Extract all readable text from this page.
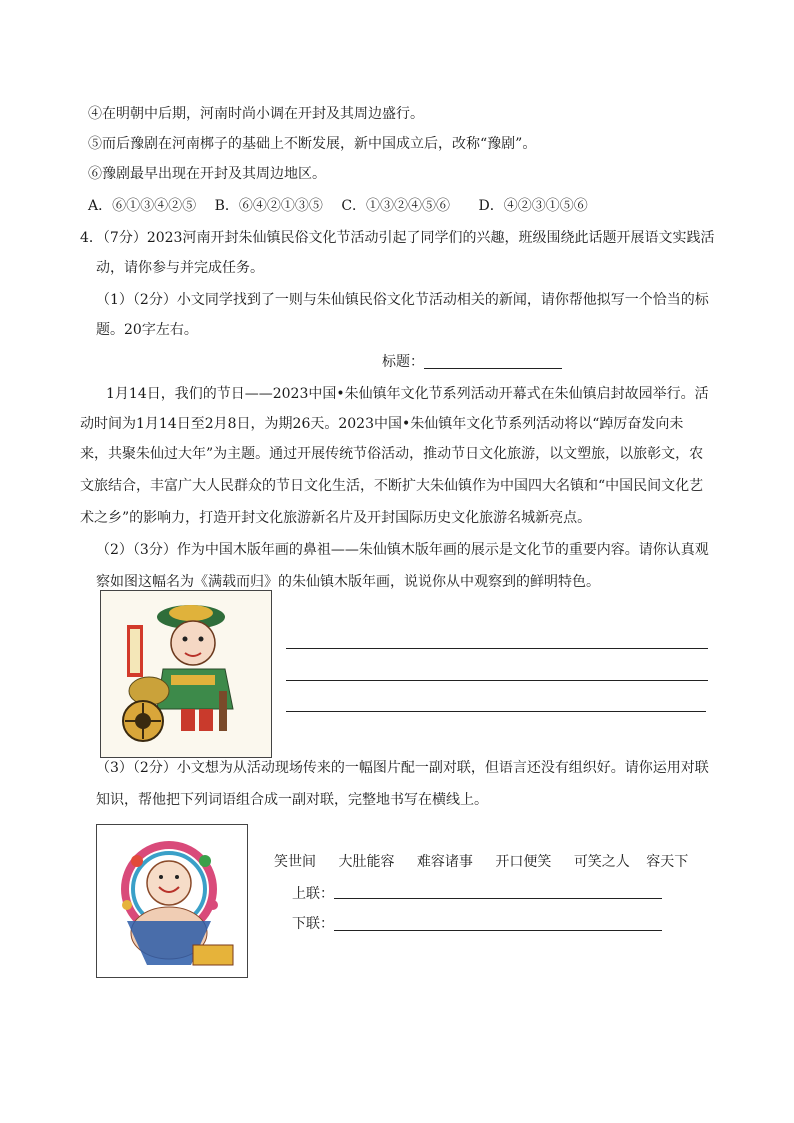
④在明朝中后期，河南时尚小调在开封及其周边盛行。
⑤而后豫剧在河南梆子的基础上不断发展，新中国成立后，改称“豫剧”。
⑥豫剧最早出现在开封及其周边地区。
A．⑥①③④②⑤ B．⑥④②①③⑤ C．①③②④⑤⑥ D．④②③①⑤⑥
4．（7分）2023河南开封朱仙镇民俗文化节活动引起了同学们的兴趣，班级围绕此话题开展语文实践活
动，请你参与并完成任务。
（1）（2分）小文同学找到了一则与朱仙镇民俗文化节活动相关的新闻，请你帮他拟写一个恰当的标
题。20字左右。
标题：
1月14日，我们的节日——2023中国•朱仙镇年文化节系列活动开幕式在朱仙镇启封故园举行。活
动时间为1月14日至2月8日，为期26天。2023中国•朱仙镇年文化节系列活动将以“踔厉奋发向未
来，共聚朱仙过大年”为主题。通过开展传统节俗活动，推动节日文化旅游，以文塑旅，以旅彰文，农
文旅结合，丰富广大人民群众的节日文化生活，不断扩大朱仙镇作为中国四大名镇和“中国民间文化艺
术之乡”的影响力，打造开封文化旅游新名片及开封国际历史文化旅游名城新亮点。
（2）（3分）作为中国木版年画的鼻祖——朱仙镇木版年画的展示是文化节的重要内容。请你认真观
察如图这幅名为《满载而归》的朱仙镇木版年画，说说你从中观察到的鲜明特色。
（3）（2分）小文想为从活动现场传来的一幅图片配一副对联，但语言还没有组织好。请你运用对联
知识，帮他把下列词语组合成一副对联，完整地书写在横线上。
笑世间 大肚能容 难容诸事 开口便笑 可笑之人 容天下
上联：
下联：
